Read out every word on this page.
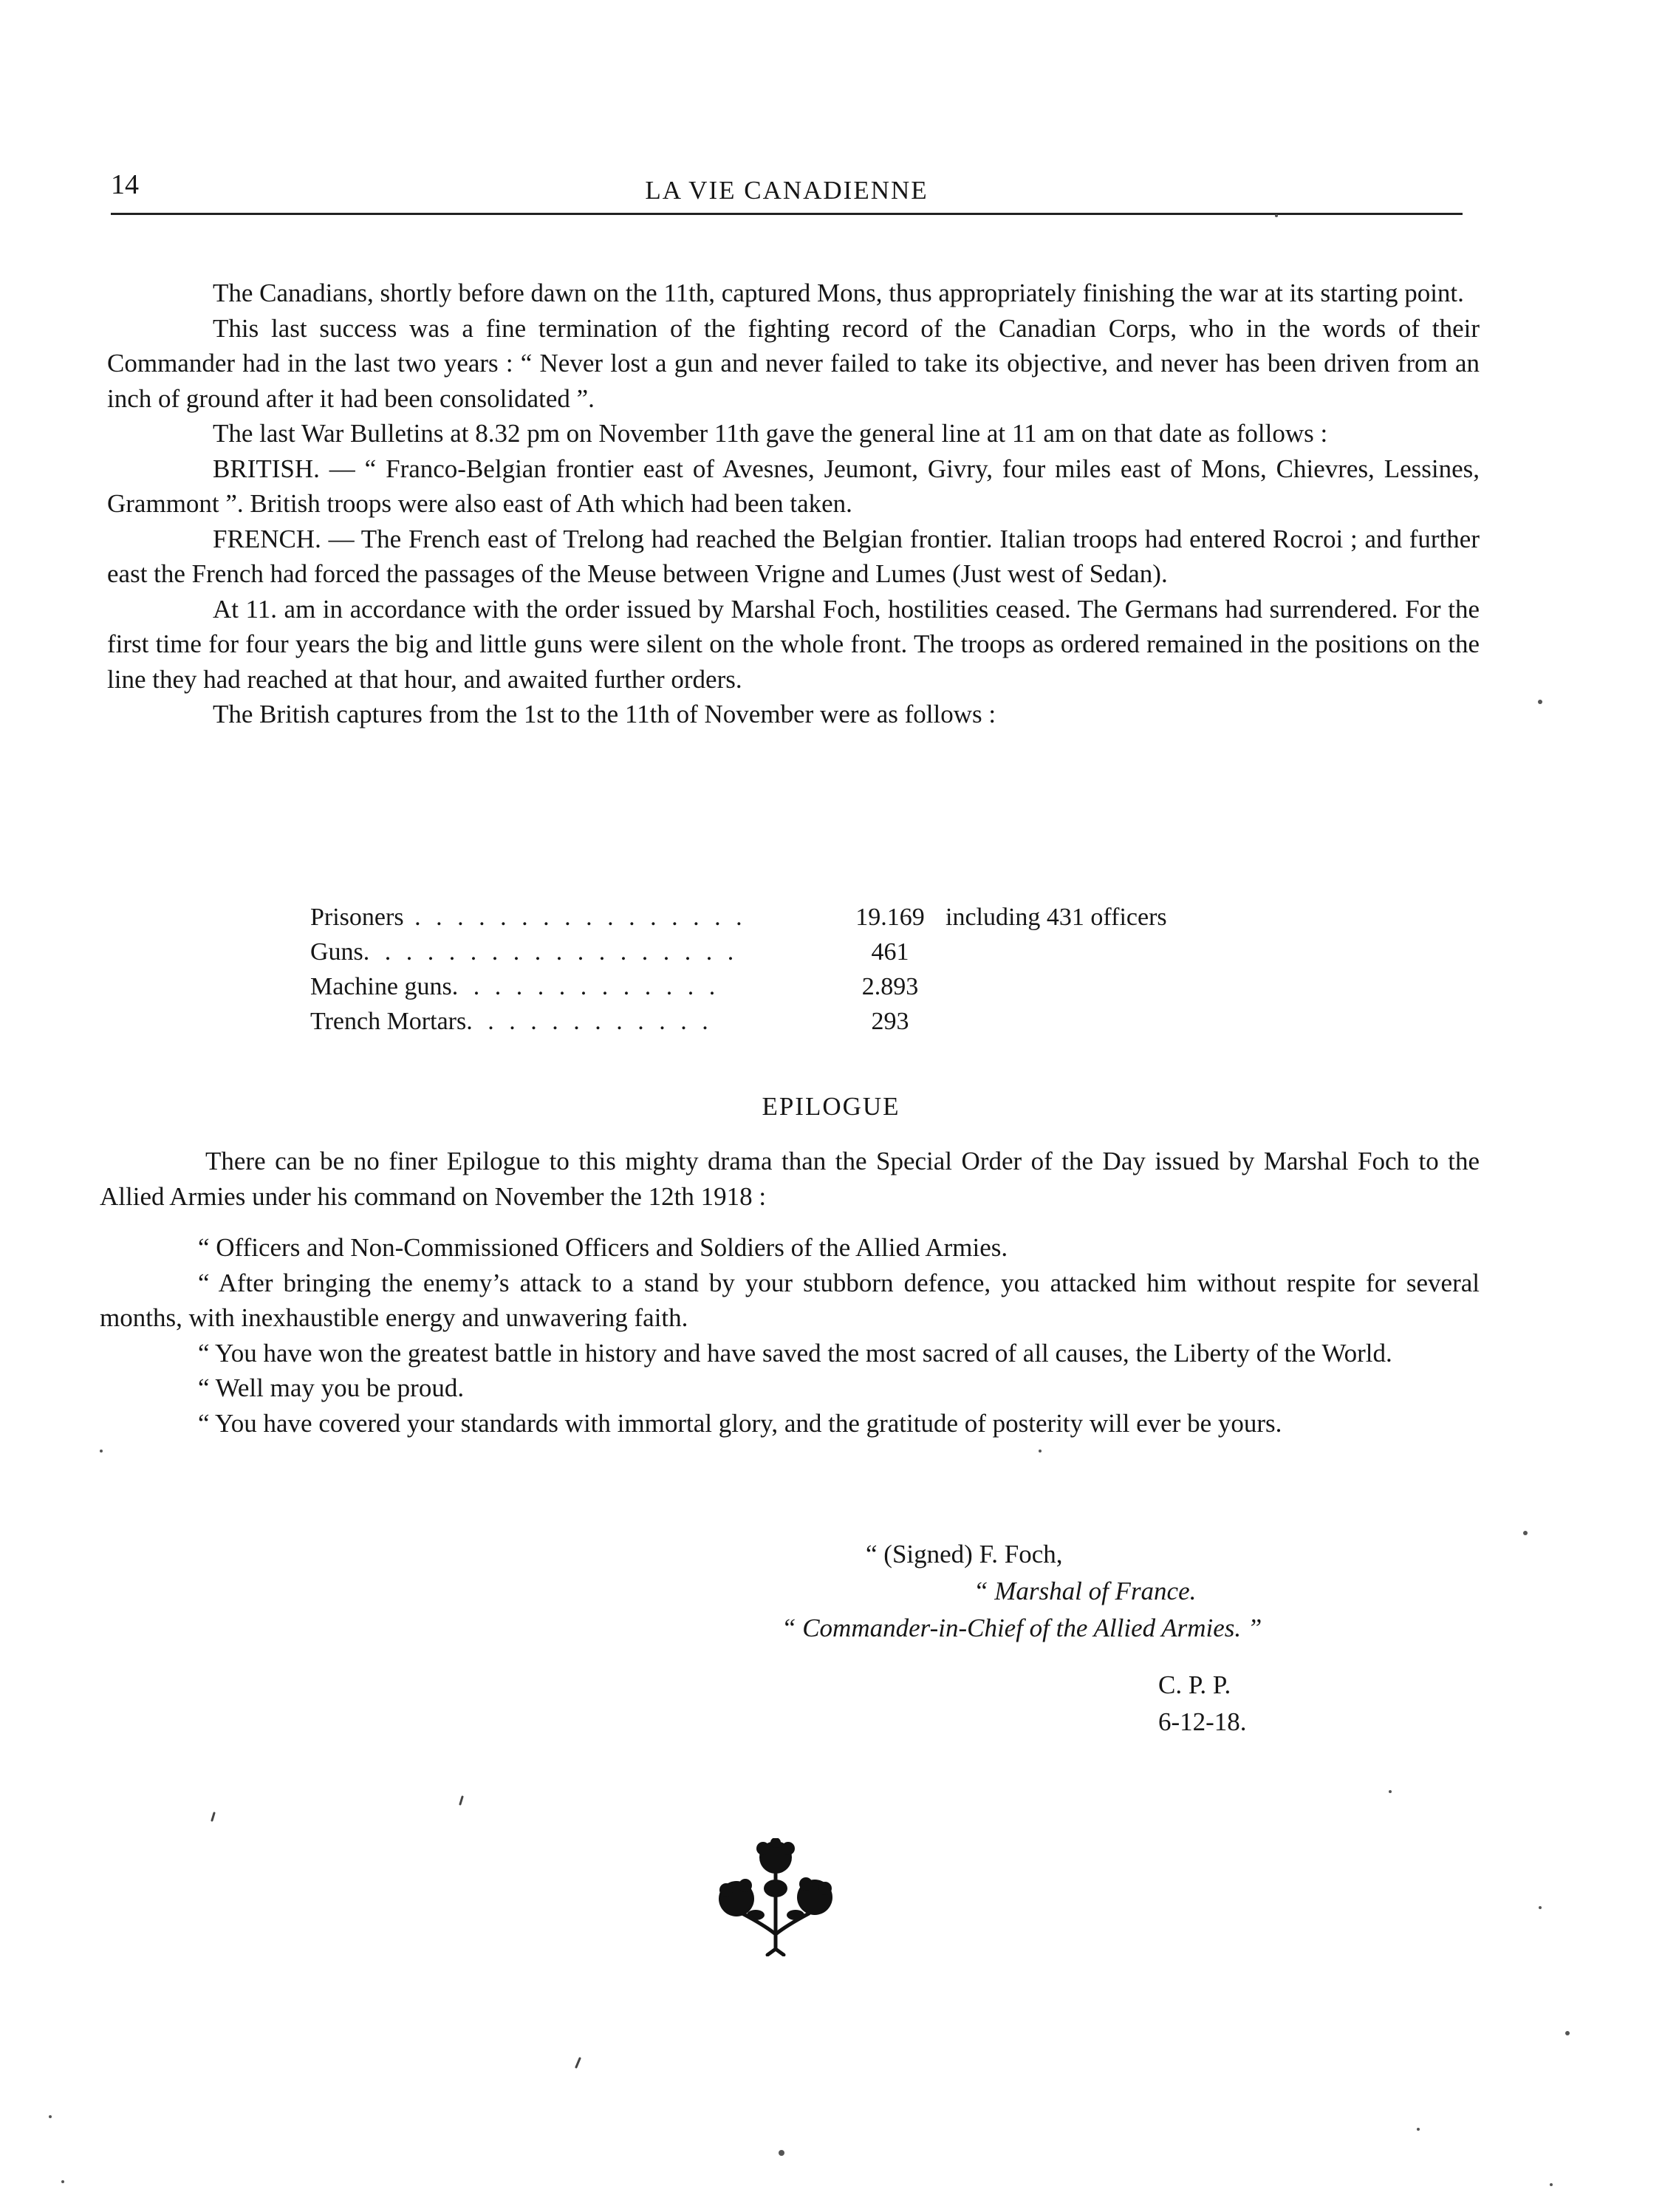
14	LA VIE CANADIENNE

The Canadians, shortly before dawn on the 11th, captured Mons, thus appropriately finishing the war at its starting point.

This last success was a fine termination of the fighting record of the Canadian Corps, who in the words of their Commander had in the last two years : “ Never lost a gun and never failed to take its objective, and never has been driven from an inch of ground after it had been consolidated ”.

The last War Bulletins at 8.32 pm on November 11th gave the general line at 11 am on that date as follows :

BRITISH. — “ Franco-Belgian frontier east of Avesnes, Jeumont, Givry, four miles east of Mons, Chievres, Lessines, Grammont ”. British troops were also east of Ath which had been taken.

FRENCH. — The French east of Trelong had reached the Belgian frontier. Italian troops had entered Rocroi ; and further east the French had forced the passages of the Meuse between Vrigne and Lumes (Just west of Sedan).

At 11. am in accordance with the order issued by Marshal Foch, hostilities ceased. The Germans had surrendered. For the first time for four years the big and little guns were silent on the whole front. The troops as ordered remained in the positions on the line they had reached at that hour, and awaited further orders.

The British captures from the 1st to the 11th of November were as follows :

Prisoners . . . . . . . . . . . . . . . .	19.169	including 431 officers
Guns. . . . . . . . . . . . . . . . . .	461	
Machine guns. . . . . . . . . . . . .	2.893	
Trench Mortars. . . . . . . . . . . .	293	
EPILOGUE

There can be no finer Epilogue to this mighty drama than the Special Order of the Day issued by Marshal Foch to the Allied Armies under his command on November the 12th 1918 :

“ Officers and Non-Commissioned Officers and Soldiers of the Allied Armies.

“ After bringing the enemy’s attack to a stand by your stubborn defence, you attacked him without respite for several months, with inexhaustible energy and unwavering faith.

“ You have won the greatest battle in history and have saved the most sacred of all causes, the Liberty of the World.

“ Well may you be proud.

“ You have covered your standards with immortal glory, and the gratitude of posterity will ever be yours.

“ (Signed) F. Foch,
“ Marshal of France.
“ Commander-in-Chief of the Allied Armies. ”
C. P. P.
6-12-18.
